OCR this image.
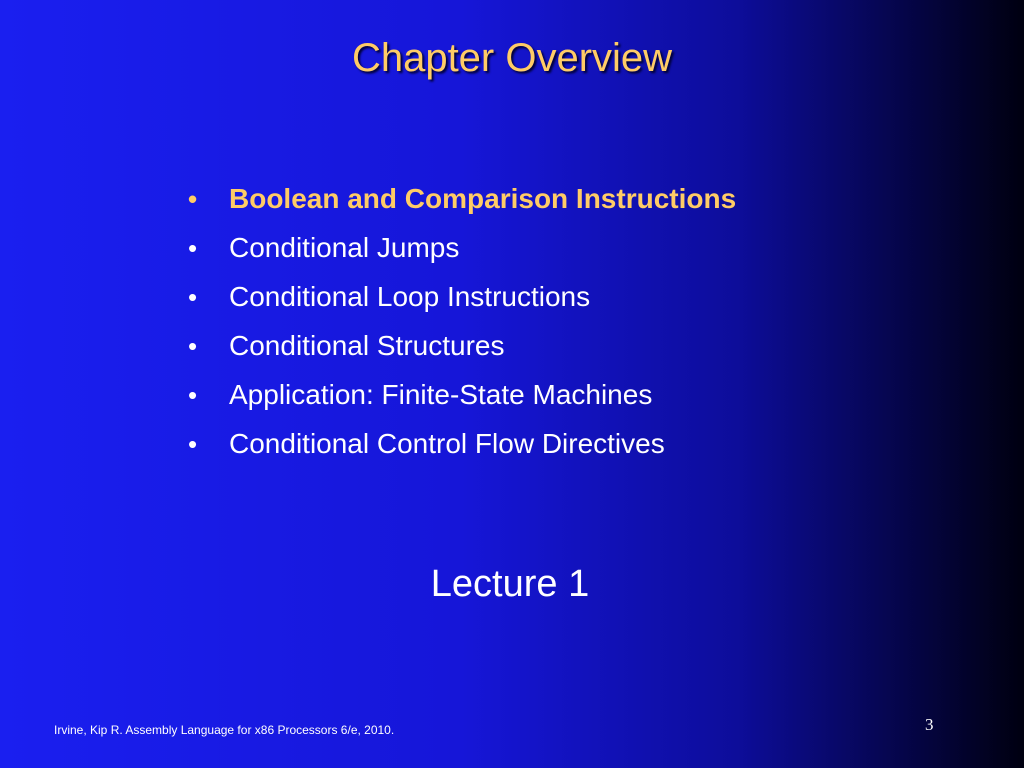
Chapter Overview
• Boolean and Comparison Instructions
• Conditional Jumps
• Conditional Loop Instructions
• Conditional Structures
• Application: Finite-State Machines
• Conditional Control Flow Directives
Lecture 1
Irvine, Kip R. Assembly Language for x86 Processors 6/e, 2010.	3
